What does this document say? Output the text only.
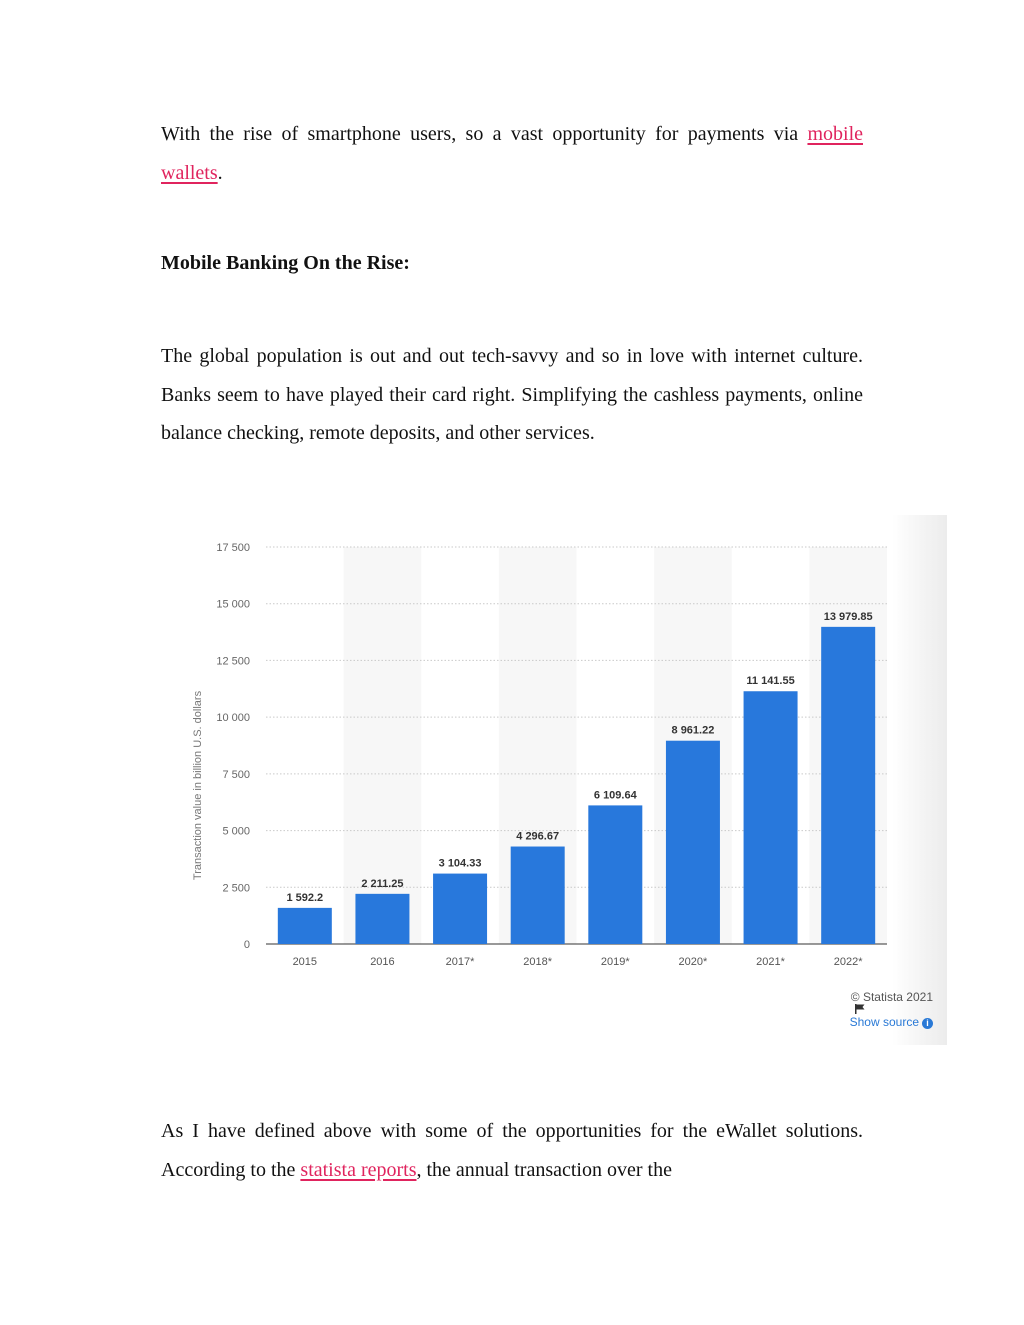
With the rise of smartphone users, so a vast opportunity for payments via mobile wallets.

Mobile Banking On the Rise:

The global population is out and out tech-savvy and so in love with internet culture. Banks seem to have played their card right. Simplifying the cashless payments, online balance checking, remote deposits, and other services.

0
2 500
5 000
7 500
10 000
12 500
15 000
17 500
Transaction value in billion U.S. dollars
1 592.2
2015
2 211.25
2016
3 104.33
2017*
4 296.67
2018*
6 109.64
2019*
8 961.22
2020*
11 141.55
2021*
13 979.85
2022*
© Statista 2021
Show source i

As I have defined above with some of the opportunities for the eWallet solutions. According to the statista reports, the annual transaction over the
